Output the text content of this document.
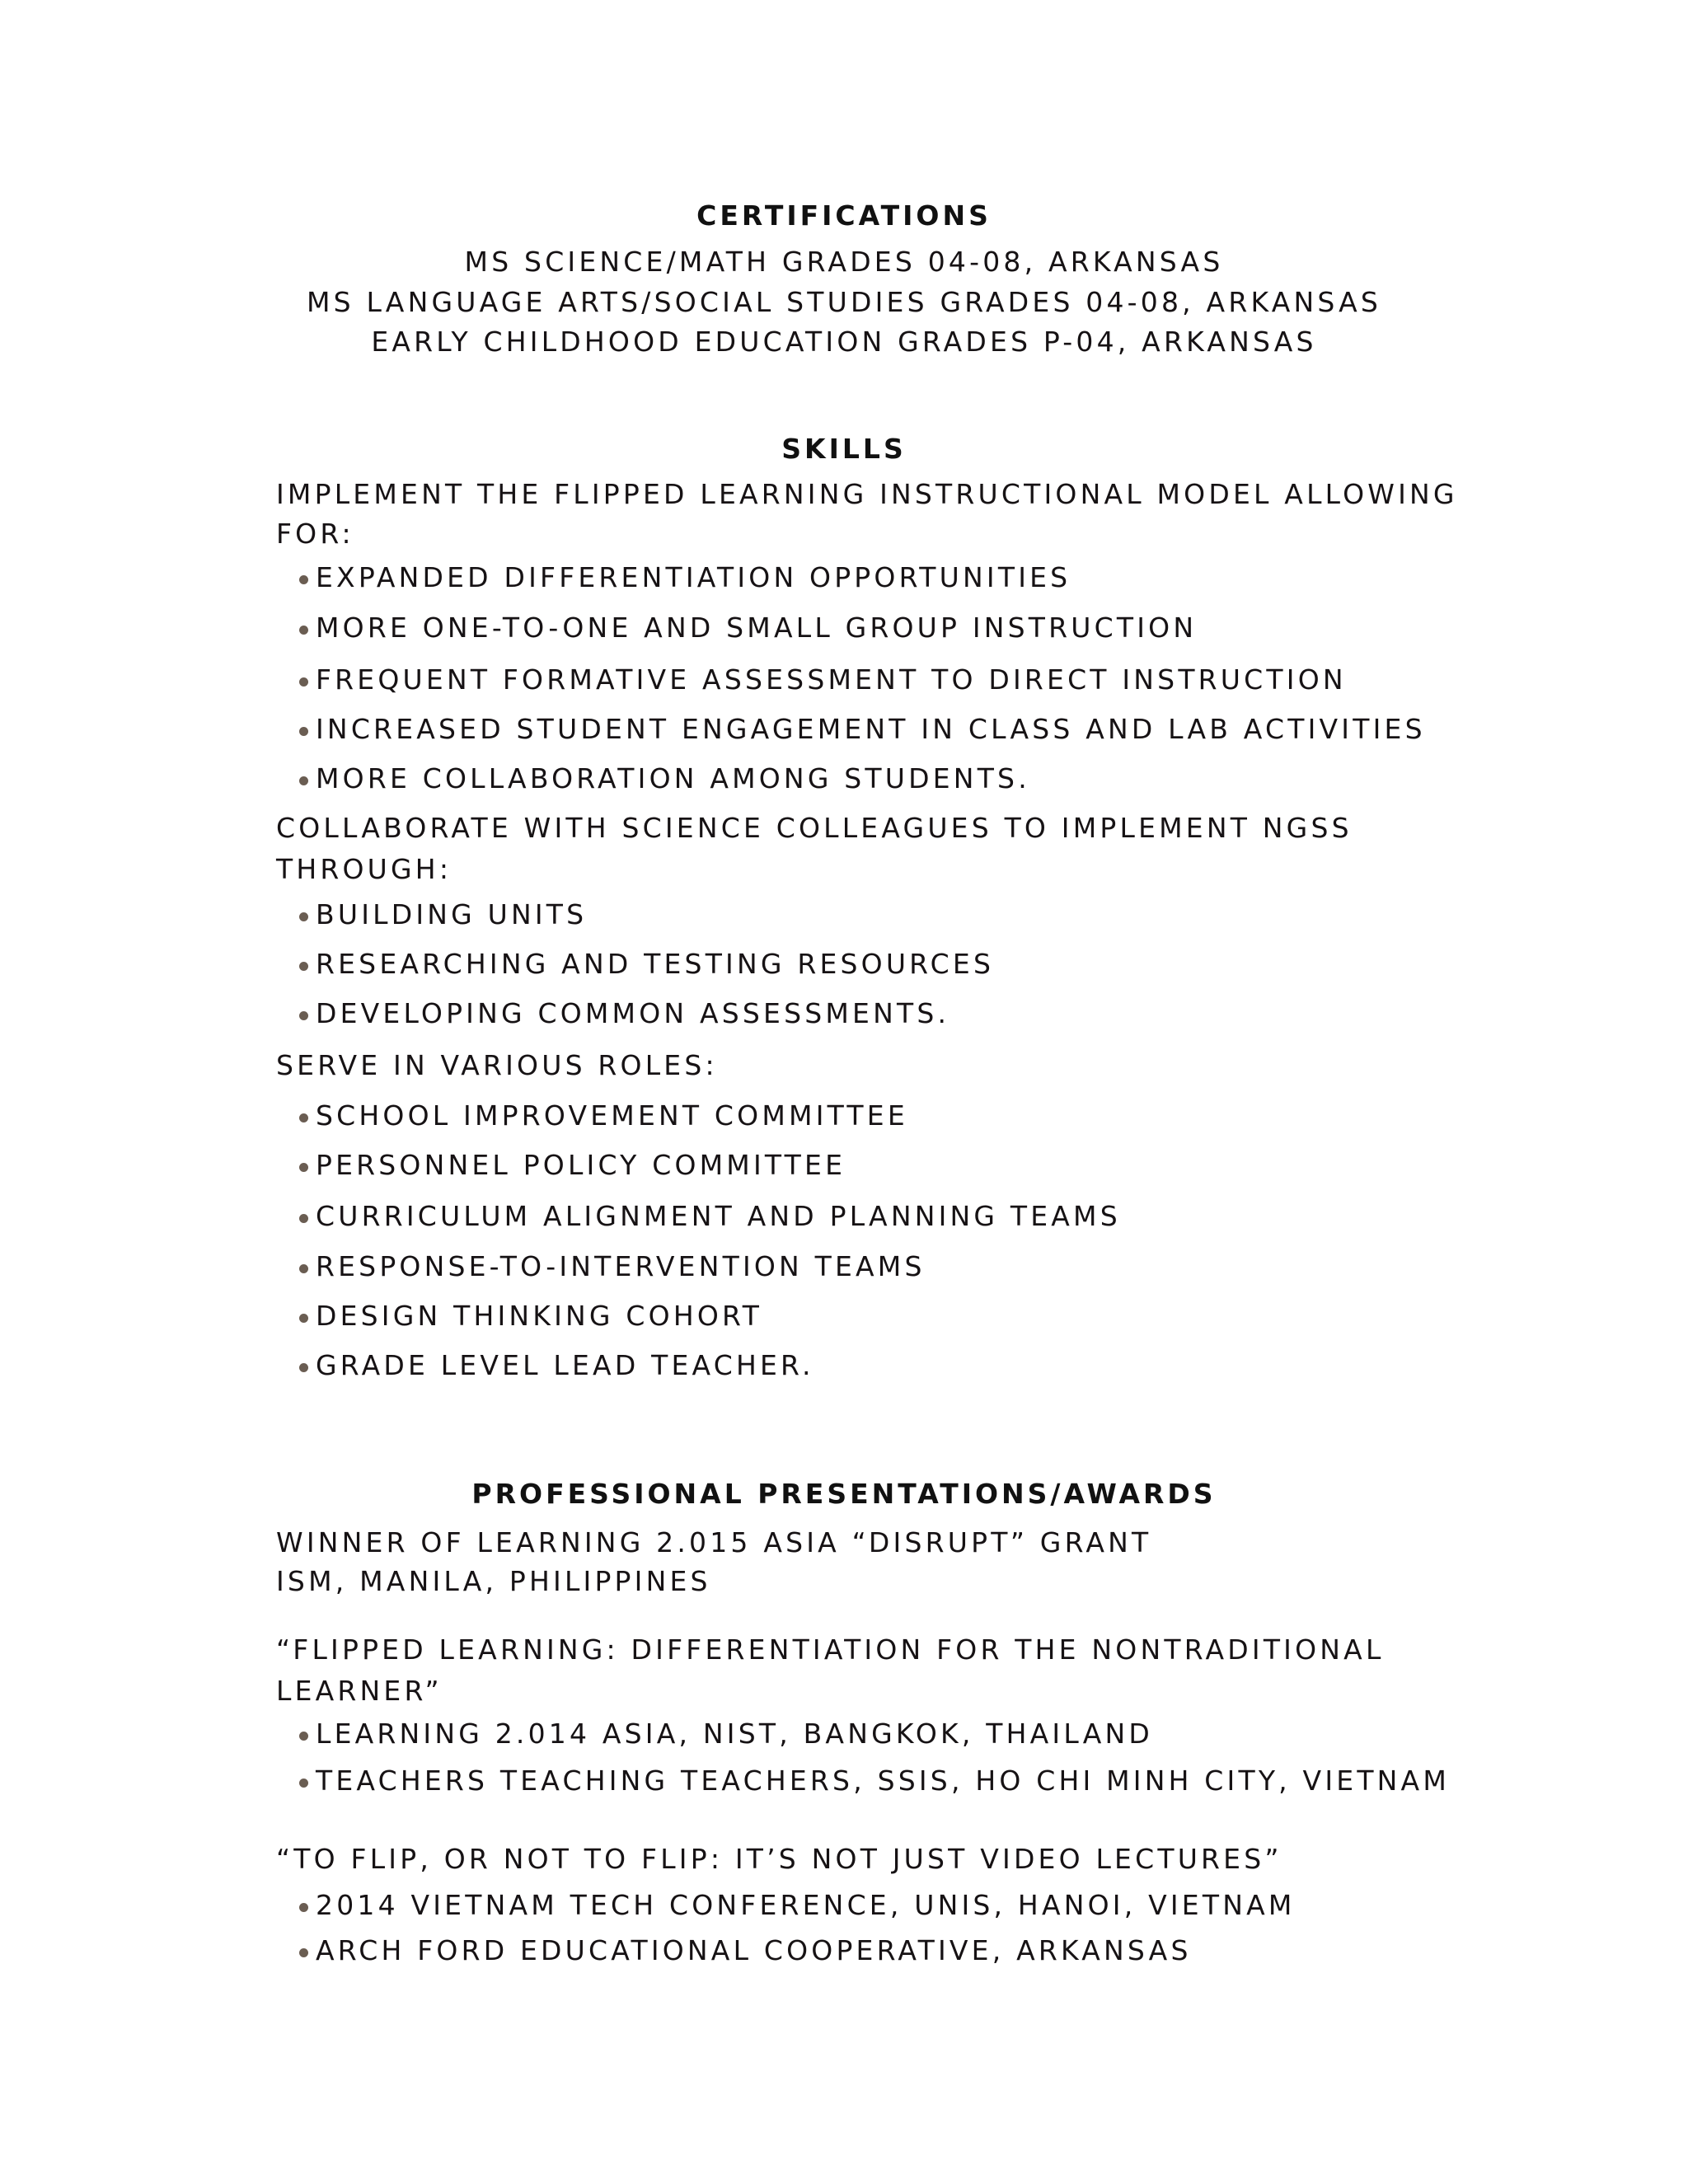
CERTIFICATIONS
MS SCIENCE/MATH GRADES 04-08, ARKANSAS
MS LANGUAGE ARTS/SOCIAL STUDIES GRADES 04-08, ARKANSAS
EARLY CHILDHOOD EDUCATION GRADES P-04, ARKANSAS
SKILLS
IMPLEMENT THE FLIPPED LEARNING INSTRUCTIONAL MODEL ALLOWING
FOR:
EXPANDED DIFFERENTIATION OPPORTUNITIES
MORE ONE-TO-ONE AND SMALL GROUP INSTRUCTION
FREQUENT FORMATIVE ASSESSMENT TO DIRECT INSTRUCTION
INCREASED STUDENT ENGAGEMENT IN CLASS AND LAB ACTIVITIES
MORE COLLABORATION AMONG STUDENTS.
COLLABORATE WITH SCIENCE COLLEAGUES TO IMPLEMENT NGSS
THROUGH:
BUILDING UNITS
RESEARCHING AND TESTING RESOURCES
DEVELOPING COMMON ASSESSMENTS.
SERVE IN VARIOUS ROLES:
SCHOOL IMPROVEMENT COMMITTEE
PERSONNEL POLICY COMMITTEE
CURRICULUM ALIGNMENT AND PLANNING TEAMS
RESPONSE-TO-INTERVENTION TEAMS
DESIGN THINKING COHORT
GRADE LEVEL LEAD TEACHER.
PROFESSIONAL PRESENTATIONS/AWARDS
WINNER OF LEARNING 2.015 ASIA “DISRUPT” GRANT
ISM, MANILA, PHILIPPINES
“FLIPPED LEARNING: DIFFERENTIATION FOR THE NONTRADITIONAL
LEARNER”
LEARNING 2.014 ASIA, NIST, BANGKOK, THAILAND
TEACHERS TEACHING TEACHERS, SSIS, HO CHI MINH CITY, VIETNAM
“TO FLIP, OR NOT TO FLIP: IT’S NOT JUST VIDEO LECTURES”
2014 VIETNAM TECH CONFERENCE, UNIS, HANOI, VIETNAM
ARCH FORD EDUCATIONAL COOPERATIVE, ARKANSAS
